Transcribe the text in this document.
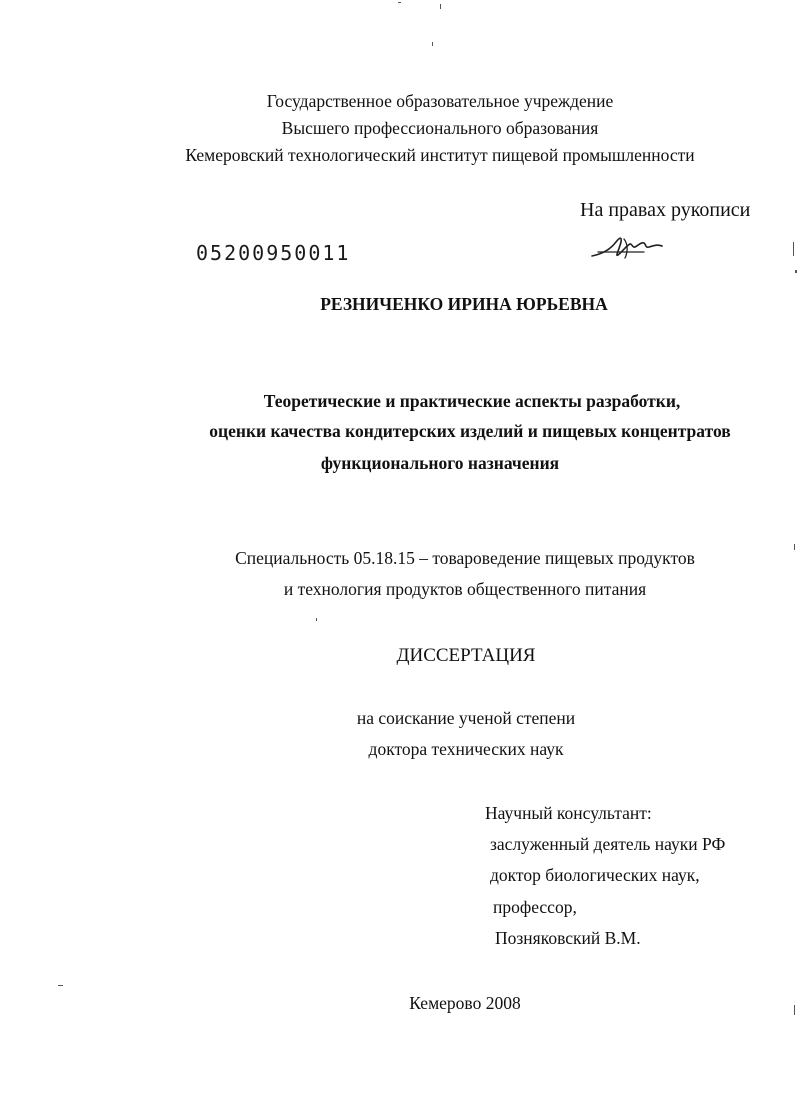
Государственное образовательное учреждение
Высшего профессионального образования
Кемеровский технологический институт пищевой промышленности
На правах рукописи
05200950011
РЕЗНИЧЕНКО ИРИНА ЮРЬЕВНА
Теоретические и практические аспекты разработки,
оценки качества кондитерских изделий и пищевых концентратов
функционального назначения
Специальность 05.18.15 – товароведение пищевых продуктов
и технология продуктов общественного питания
ДИССЕРТАЦИЯ
на соискание ученой степени
доктора технических наук
Научный консультант:
заслуженный деятель науки РФ
доктор биологических наук,
профессор,
Позняковский В.М.
Кемерово 2008
